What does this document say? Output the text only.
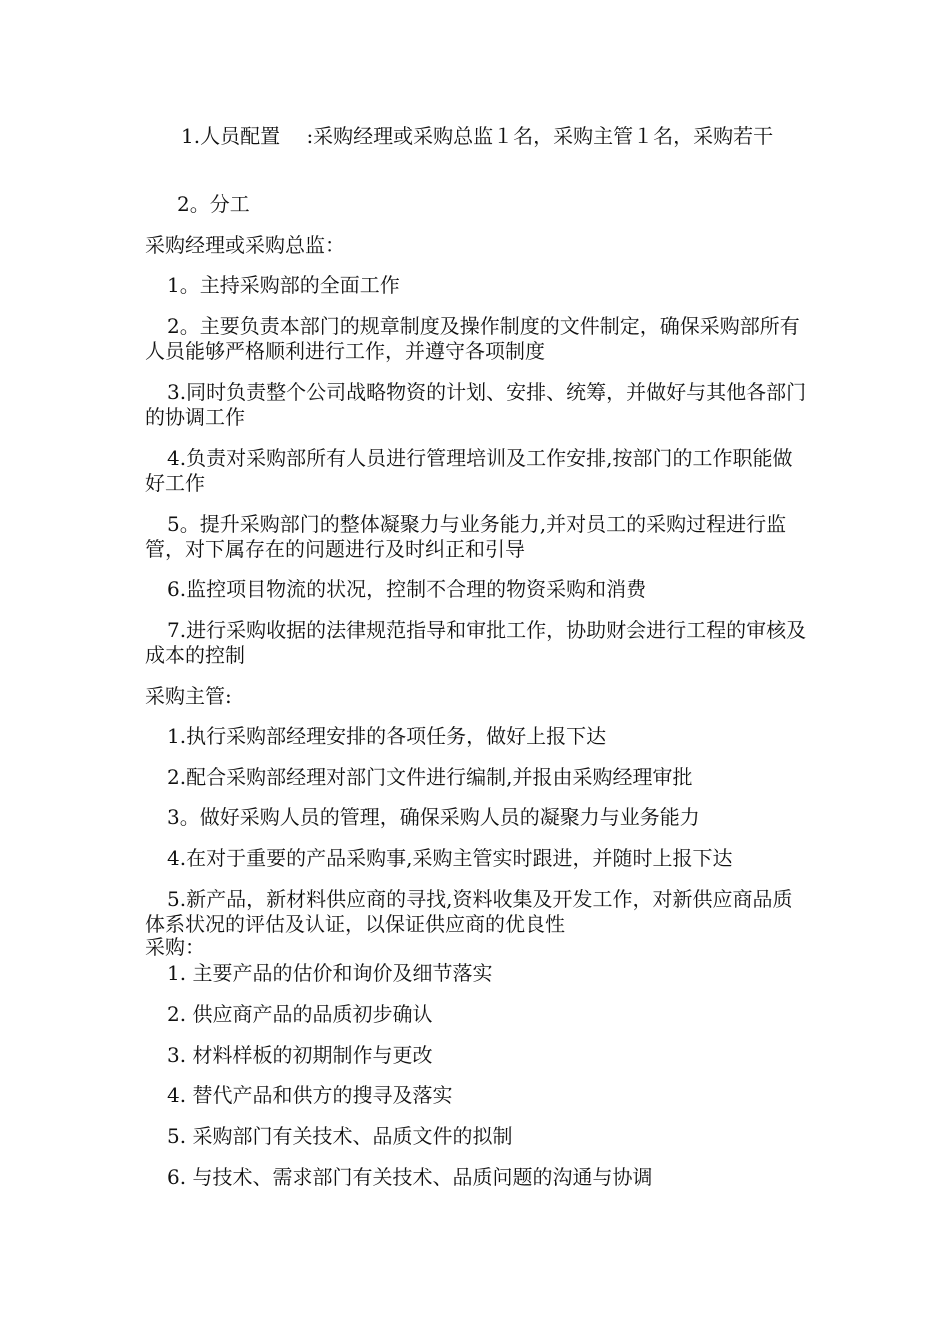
1.人员配置　 :采购经理或采购总监１名，采购主管１名，采购若干

2。分工

采购经理或采购总监：

1。主持采购部的全面工作

2。主要负责本部门的规章制度及操作制度的文件制定，确保采购部所有人员能够严格顺利进行工作，并遵守各项制度

3.同时负责整个公司战略物资的计划、安排、统筹，并做好与其他各部门的协调工作

4.负责对采购部所有人员进行管理培训及工作安排,按部门的工作职能做好工作

5。提升采购部门的整体凝聚力与业务能力,并对员工的采购过程进行监管，对下属存在的问题进行及时纠正和引导

6.监控项目物流的状况，控制不合理的物资采购和消费

7.进行采购收据的法律规范指导和审批工作，协助财会进行工程的审核及成本的控制

采购主管:

1.执行采购部经理安排的各项任务，做好上报下达

2.配合采购部经理对部门文件进行编制,并报由采购经理审批

3。做好采购人员的管理，确保采购人员的凝聚力与业务能力

4.在对于重要的产品采购事,采购主管实时跟进，并随时上报下达

5.新产品，新材料供应商的寻找,资料收集及开发工作，对新供应商品质体系状况的评估及认证，以保证供应商的优良性

采购：

1. 主要产品的估价和询价及细节落实

2. 供应商产品的品质初步确认

3. 材料样板的初期制作与更改

4. 替代产品和供方的搜寻及落实

5. 采购部门有关技术、品质文件的拟制

6. 与技术、需求部门有关技术、品质问题的沟通与协调
